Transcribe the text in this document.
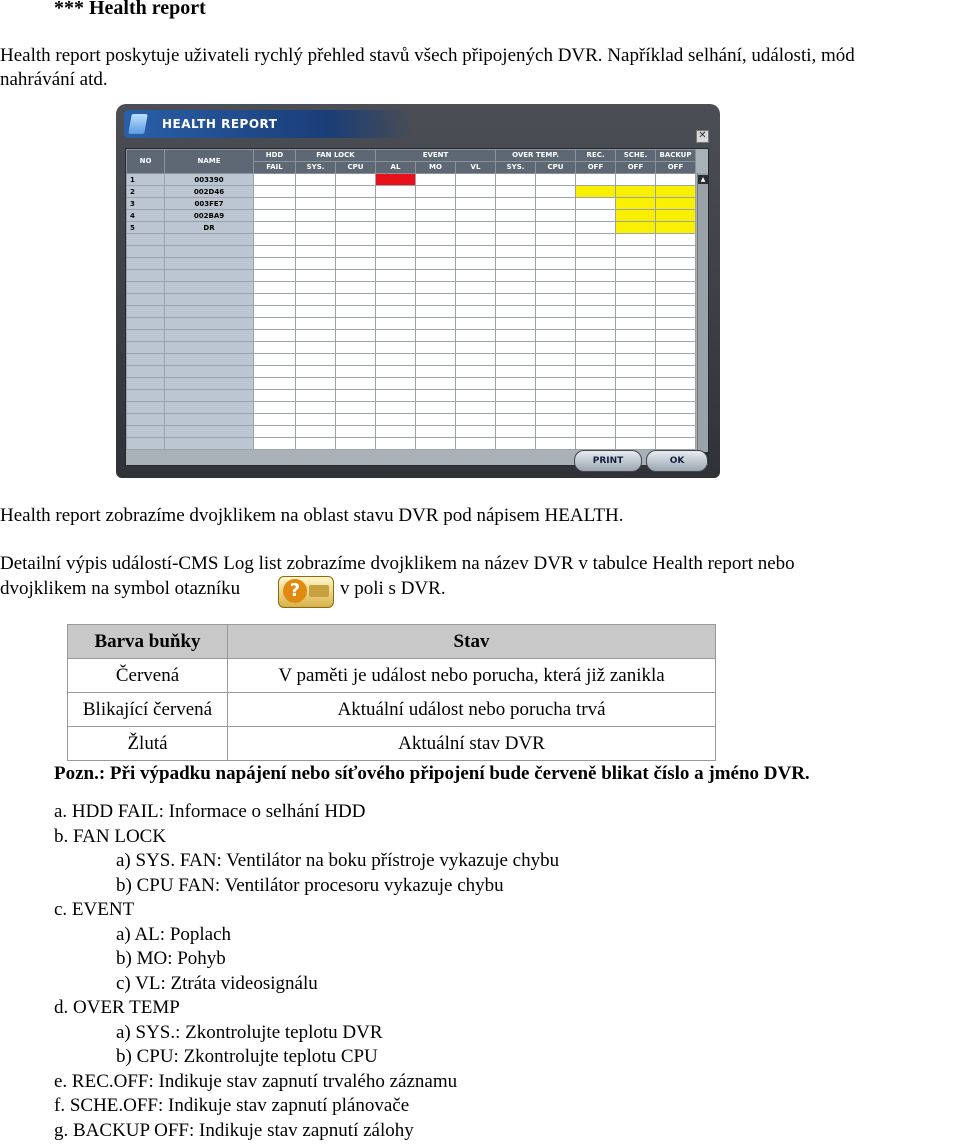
*** Health report
Health report poskytuje uživateli rychlý přehled stavů všech připojených DVR. Například selhání, události, mód
nahrávání atd.
HEALTH REPORT
✕
NO	NAME	HDD	FAN LOCK		EVENT			OVER TEMP.		REC.	SCHE.	BACKUP
		FAIL	SYS.	CPU	AL	MO	VL	SYS.	CPU	OFF	OFF	OFF
1	003390											
2	002D46											
3	003FE7											
4	002BA9											
5	DR											

▲
PRINT	OK
Health report zobrazíme dvojklikem na oblast stavu DVR pod nápisem HEALTH.
Detailní výpis událostí-CMS Log list zobrazíme dvojklikem na název DVR v tabulce Health report nebo
dvojklikem na symbol otazníku	?	v poli s DVR.
Barva buňky	Stav
Červená	V paměti je událost nebo porucha, která již zanikla
Blikající červená	Aktuální událost nebo porucha trvá
Žlutá	Aktuální stav DVR
Pozn.: Při výpadku napájení nebo síťového připojení bude červeně blikat číslo a jméno DVR.
a. HDD FAIL: Informace o selhání HDD
b. FAN LOCK
a) SYS. FAN: Ventilátor na boku přístroje vykazuje chybu
b) CPU FAN: Ventilátor procesoru vykazuje chybu
c. EVENT
a) AL: Poplach
b) MO: Pohyb
c) VL: Ztráta videosignálu
d. OVER TEMP
a) SYS.: Zkontrolujte teplotu DVR
b) CPU: Zkontrolujte teplotu CPU
e. REC.OFF: Indikuje stav zapnutí trvalého záznamu
f. SCHE.OFF: Indikuje stav zapnutí plánovače
g. BACKUP OFF: Indikuje stav zapnutí zálohy
